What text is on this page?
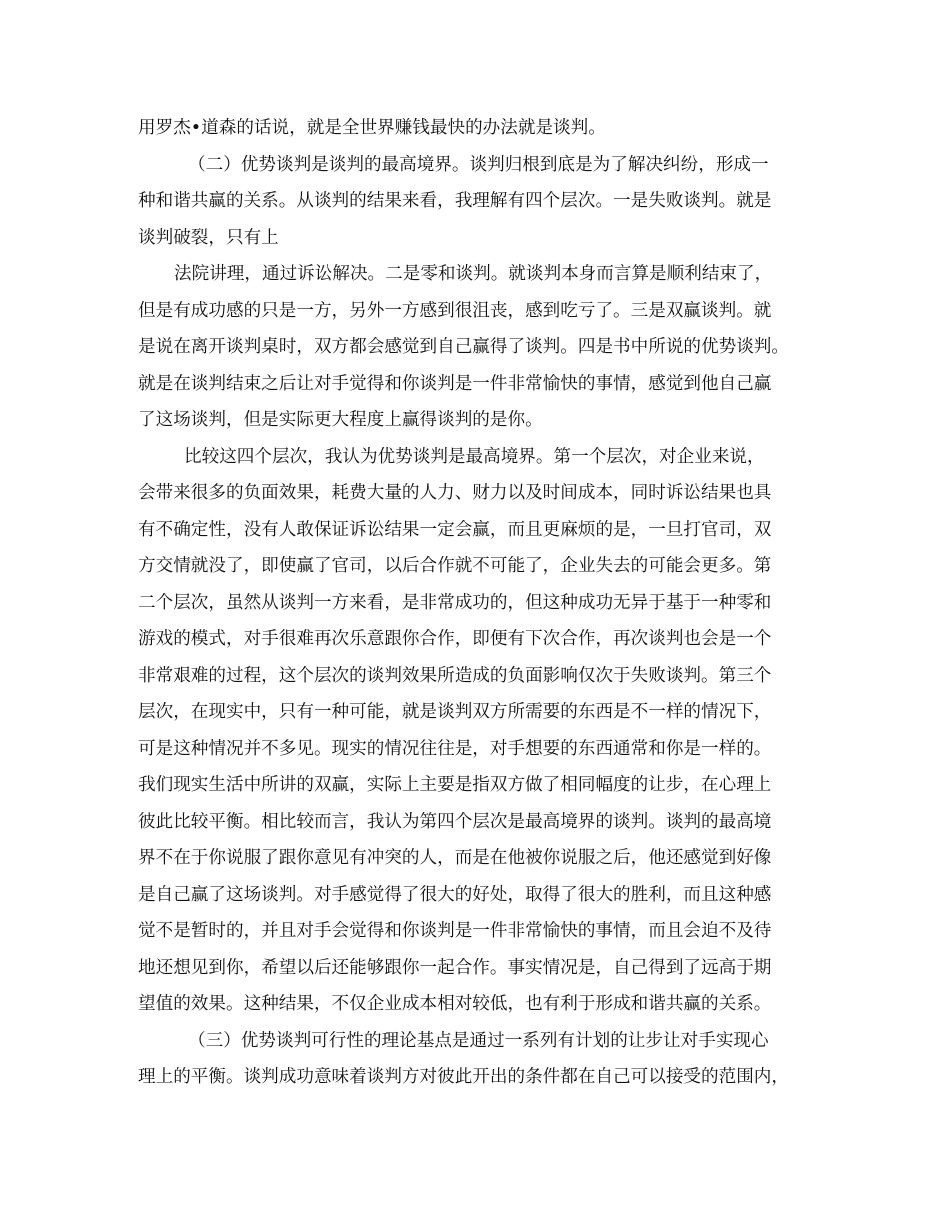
用罗杰•道森的话说，就是全世界赚钱最快的办法就是谈判。
（二）优势谈判是谈判的最高境界。谈判归根到底是为了解决纠纷，形成一
种和谐共赢的关系。从谈判的结果来看，我理解有四个层次。一是失败谈判。就是
谈判破裂，只有上
法院讲理，通过诉讼解决。二是零和谈判。就谈判本身而言算是顺利结束了，
但是有成功感的只是一方，另外一方感到很沮丧，感到吃亏了。三是双赢谈判。就
是说在离开谈判桌时，双方都会感觉到自己赢得了谈判。四是书中所说的优势谈判。
就是在谈判结束之后让对手觉得和你谈判是一件非常愉快的事情，感觉到他自己赢
了这场谈判，但是实际更大程度上赢得谈判的是你。
比较这四个层次，我认为优势谈判是最高境界。第一个层次，对企业来说，
会带来很多的负面效果，耗费大量的人力、财力以及时间成本，同时诉讼结果也具
有不确定性，没有人敢保证诉讼结果一定会赢，而且更麻烦的是，一旦打官司，双
方交情就没了，即使赢了官司，以后合作就不可能了，企业失去的可能会更多。第
二个层次，虽然从谈判一方来看，是非常成功的，但这种成功无异于基于一种零和
游戏的模式，对手很难再次乐意跟你合作，即便有下次合作，再次谈判也会是一个
非常艰难的过程，这个层次的谈判效果所造成的负面影响仅次于失败谈判。第三个
层次，在现实中，只有一种可能，就是谈判双方所需要的东西是不一样的情况下，
可是这种情况并不多见。现实的情况往往是，对手想要的东西通常和你是一样的。
我们现实生活中所讲的双赢，实际上主要是指双方做了相同幅度的让步，在心理上
彼此比较平衡。相比较而言，我认为第四个层次是最高境界的谈判。谈判的最高境
界不在于你说服了跟你意见有冲突的人，而是在他被你说服之后，他还感觉到好像
是自己赢了这场谈判。对手感觉得了很大的好处，取得了很大的胜利，而且这种感
觉不是暂时的，并且对手会觉得和你谈判是一件非常愉快的事情，而且会迫不及待
地还想见到你，希望以后还能够跟你一起合作。事实情况是，自己得到了远高于期
望值的效果。这种结果，不仅企业成本相对较低，也有利于形成和谐共赢的关系。
（三）优势谈判可行性的理论基点是通过一系列有计划的让步让对手实现心
理上的平衡。谈判成功意味着谈判方对彼此开出的条件都在自己可以接受的范围内，
